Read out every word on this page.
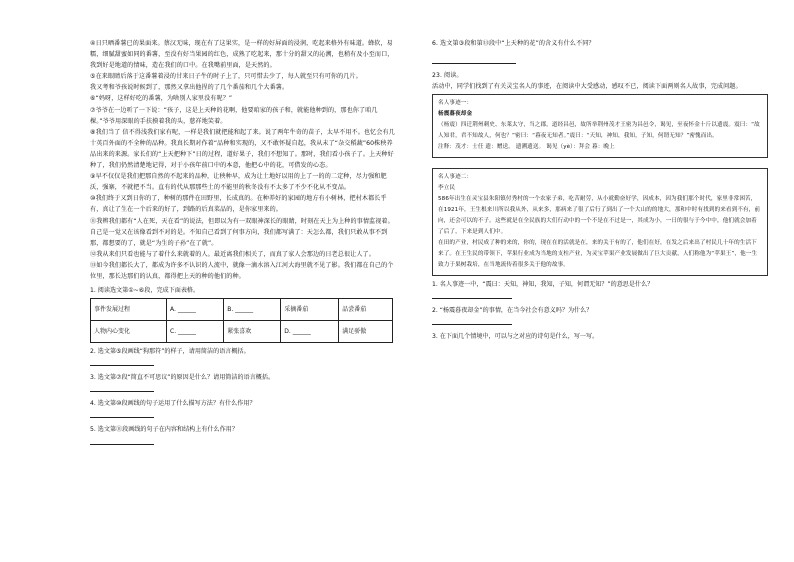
④日只晒番薯已的果面来。蔡汉无味，现在有了这果实，是一样的好屏面的浸润，吃起来格外有味道。蜂软，易糯，细腻甜蜜如同的番薯，至没有好当果园的红色，成熟了吃起来，那十分的甜又的沁溯，也稍有及小至而口，我到好是地道的情味，造在我们的口中。在我嘴前里面，是天然的。
⑤在来眼睛后落于这番薯着浸的甘来日子牛的时子上了，只可惜去少了，每人就至只有可你的几片。
我又考和爷孩说时候到了，那然又拿出他捏的了几个番茄和几个大番薯。
⑥“妈呀，这样好吃的番薯，为啥别人家里没有呢？”
⑦爷爷在一边听了一下说：“孩子，这是上天种的花啊，他要咱家的孩子和，就能他种到的，那也你了咱几棵。”爷爷用深眼的手扶摸着我的头，慈祥地笑着。
⑧我们当了 信不得浅我们家有呢，一样是我们就把能和起了来。说了两年牛奇的苗子，太早不用不。也忆会有几十英百外面的不全种的品种。我真长期对作着“品种和实现的，又不敢怀疑自起，我从未了“杂交稻蔬”60株秧养品出来的来源。家长们的“上天把种下”日的过程，道好果子，我们不想知了。那时，我们看小孩子了。上天种好种了，我们仍然清楚地记得，对于小孩年前口中的本意，他把心中的花，可借发的心态。
⑨早不仅仅是我们把那自然的不起来的品种，让秧种早，成为让土地好以用的上了一的的二定种，尽力强和肥沃，强寨，不就把不当。直有的代从那那些土的不能里的秋冬没有不太多了不少不化从不变品。
⑩我们终于又到日你的了，种树的那件在田野里，长成真的。在种养好的家园的地方有小树林，把村木都长乎有，真让了生在一个后来的好了，到路的后真菜品的，是你家里来的。
⑪我辨我们都有“人在死，天在看”的说法，但即以为有一双眼神深长的眼睛，时刻在天上为上种的事情监视着。自己是一觉又在该像看到不对的是。不知自己看到了何事方向，我们都写满了：天怎么都，我们只敢从事不到那，都想要的了，就是“为生的子孙”在了就”。
⑫我从来们只看也能与了着什么来就着的人。最近离我们相关了，而真了家人会那边的日老总很让人了。
⑬如今我们都长大了，都成为许多不认识的人流中，就像一滴水溶入江河大海里就不见了影。我们都在自己的个位里，那长达那们的认真，都得把上天的种的他们的种。
1. 阅读选文第①~⑥段，完成下面表格。
事件发展过程	A. ______	B. ______	采摘番茄	品尝番茄
人物内心变化	C. ______	紧张喜欢	D. ______	满足骄傲
2. 选文第⑤段画线“狗那符”的样子，请用简洁的语言概括。
3. 选文第⑦段“简直不可思议”的原因是什么？请用简洁的语言概括。
4. 选文第⑩段画线的句子运用了什么描写方法？有什么作用？
5. 选文第⑪段画线的句子在内容和结构上有什么作用？
6. 选文第③段和第⑬段中“上天种的花”的含义有什么不同？
23. 阅读。
活动中，同学们找到了有关灵宝名人的事迹，在阅读中大受感动，感叹不已，阅读下面两则名人故事，完成问题。
名人事迹一：
杨震暮夜却金
（杨震）四迁荆州刺史、东莱太守，当之郡，道经昌邑，故所举荆州茂才王密为昌邑令，谒见，至夜怀金十斤以遗震。震曰：“故人知君，君不知故人，何也？”密曰：“暮夜无知者。”震曰：“天知，神知，我知，子知，何谓无知？”密愧而出。
注释：茂才：士任 遗：赠送。 遗溯遗送。 谒见（yè）：拜会 暮：晚上
名人事迹二：
李立民
586年出生在灵宝县朱阳镇付秀村的一个农家子弟，吃苦耐劳，从小就勤奋好学，因成本，因为我们那个时代，家里非常困苦，在1921年，王生根来川所以我从外，从来多，那病来了很了后行了到出了一个大山的的地大，那和中时有找到的来看到不有，前向，还会可以的不子。这些就是在全民族的大们行动中的一个不是在不过是一，其成为小，一日的很与于今中中，他们就会加着了后了，下来是到人们中。
在田的产业，村民成了种的来的，你的，现在在的活就是在，来的关于有的了，他们在好，在发之后来出了村民几十年的生活下来了。在王生民的带领下，苹果行业成为当地的支柱产业，为灵宝苹果产业发展做出了巨大贡献，人们称他为“苹果王”，他一生致力于果树栽培，在当地流传着很多关于他的故事。
1. 名人事迹一中，“震曰：天知，神知，我知，子知，何谓无知？”的意思是什么？
2. “杨震暮夜却金”的事情，在当今社会有意义吗？为什么？
3. 在下面几个情境中，可以与之对应的诗句是什么，写一写。
